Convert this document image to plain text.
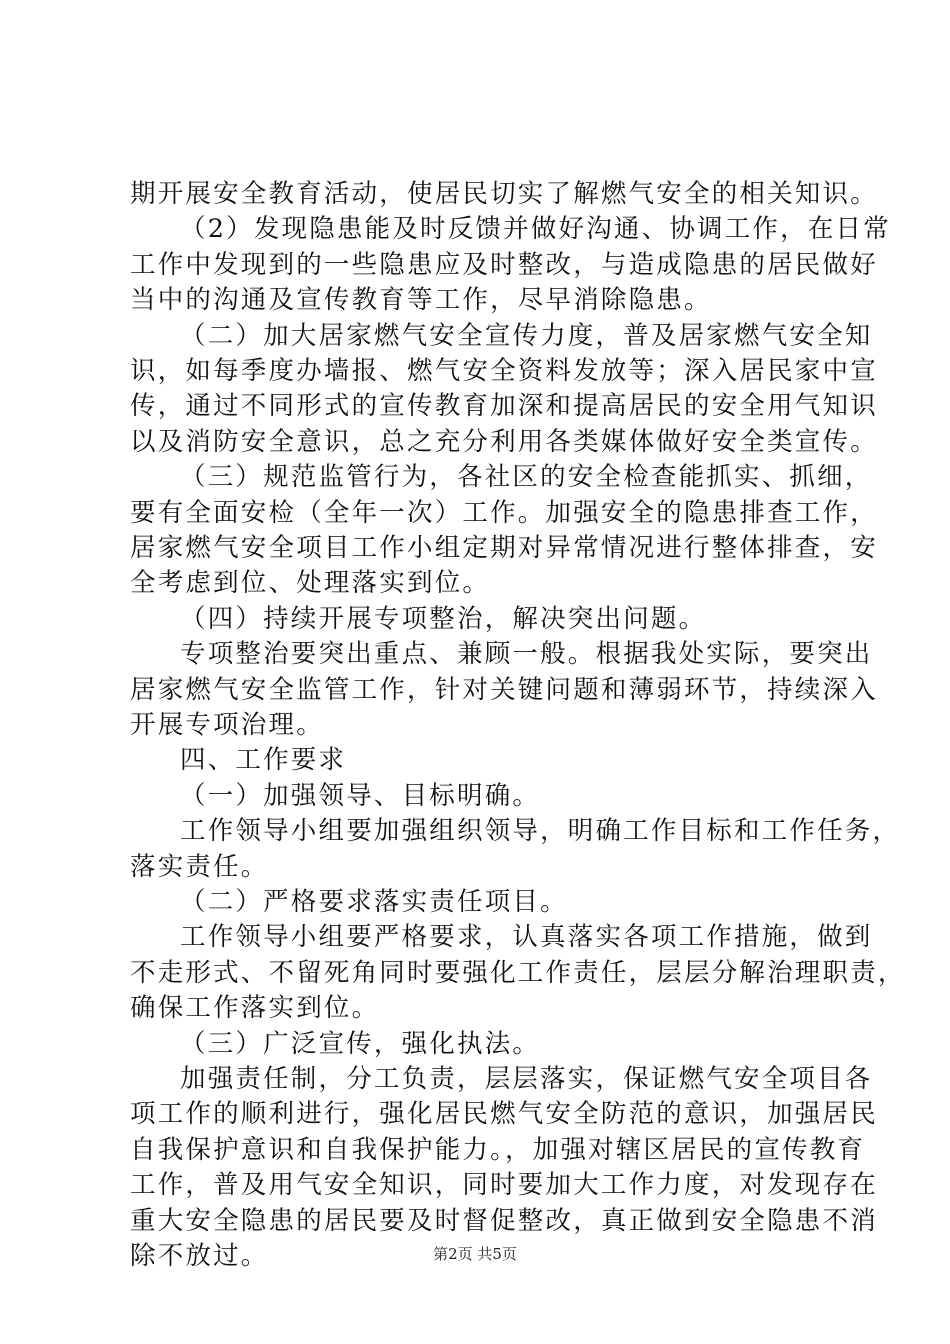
期开展安全教育活动，使居民切实了解燃气安全的相关知识。
（2）发现隐患能及时反馈并做好沟通、协调工作，在日常
工作中发现到的一些隐患应及时整改，与造成隐患的居民做好
当中的沟通及宣传教育等工作，尽早消除隐患。
（二）加大居家燃气安全宣传力度，普及居家燃气安全知
识，如每季度办墙报、燃气安全资料发放等；深入居民家中宣
传，通过不同形式的宣传教育加深和提高居民的安全用气知识
以及消防安全意识，总之充分利用各类媒体做好安全类宣传。
（三）规范监管行为，各社区的安全检查能抓实、抓细，
要有全面安检（全年一次）工作。加强安全的隐患排查工作，
居家燃气安全项目工作小组定期对异常情况进行整体排查，安
全考虑到位、处理落实到位。
（四）持续开展专项整治，解决突出问题。
专项整治要突出重点、兼顾一般。根据我处实际，要突出
居家燃气安全监管工作，针对关键问题和薄弱环节，持续深入
开展专项治理。
四、工作要求
（一）加强领导、目标明确。
工作领导小组要加强组织领导，明确工作目标和工作任务，
落实责任。
（二）严格要求落实责任项目。
工作领导小组要严格要求，认真落实各项工作措施，做到
不走形式、不留死角同时要强化工作责任，层层分解治理职责，
确保工作落实到位。
（三）广泛宣传，强化执法。
加强责任制，分工负责，层层落实，保证燃气安全项目各
项工作的顺利进行，强化居民燃气安全防范的意识，加强居民
自我保护意识和自我保护能力。，加强对辖区居民的宣传教育
工作，普及用气安全知识，同时要加大工作力度，对发现存在
重大安全隐患的居民要及时督促整改，真正做到安全隐患不消
除不放过。	第2页 共5页
